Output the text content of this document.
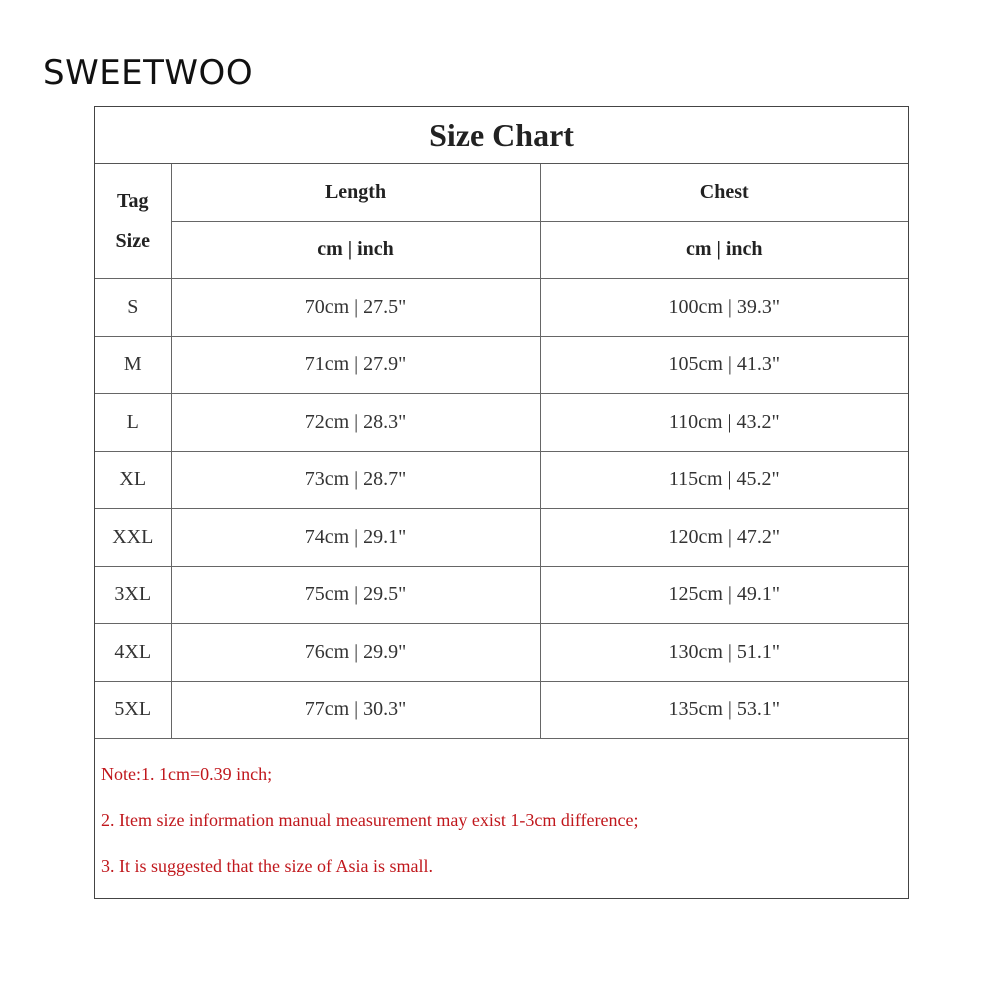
SWEETWOO
Size Chart
Tag
Size	Length	Chest
	cm | inch	cm | inch
S	70cm | 27.5"	100cm | 39.3"
M	71cm | 27.9"	105cm | 41.3"
L	72cm | 28.3"	110cm | 43.2"
XL	73cm | 28.7"	115cm | 45.2"
XXL	74cm | 29.1"	120cm | 47.2"
3XL	75cm | 29.5"	125cm | 49.1"
4XL	76cm | 29.9"	130cm | 51.1"
5XL	77cm | 30.3"	135cm | 53.1"
Note:1. 1cm=0.39 inch;
2. Item size information manual measurement may exist 1-3cm difference;
3. It is suggested that the size of Asia is small.
